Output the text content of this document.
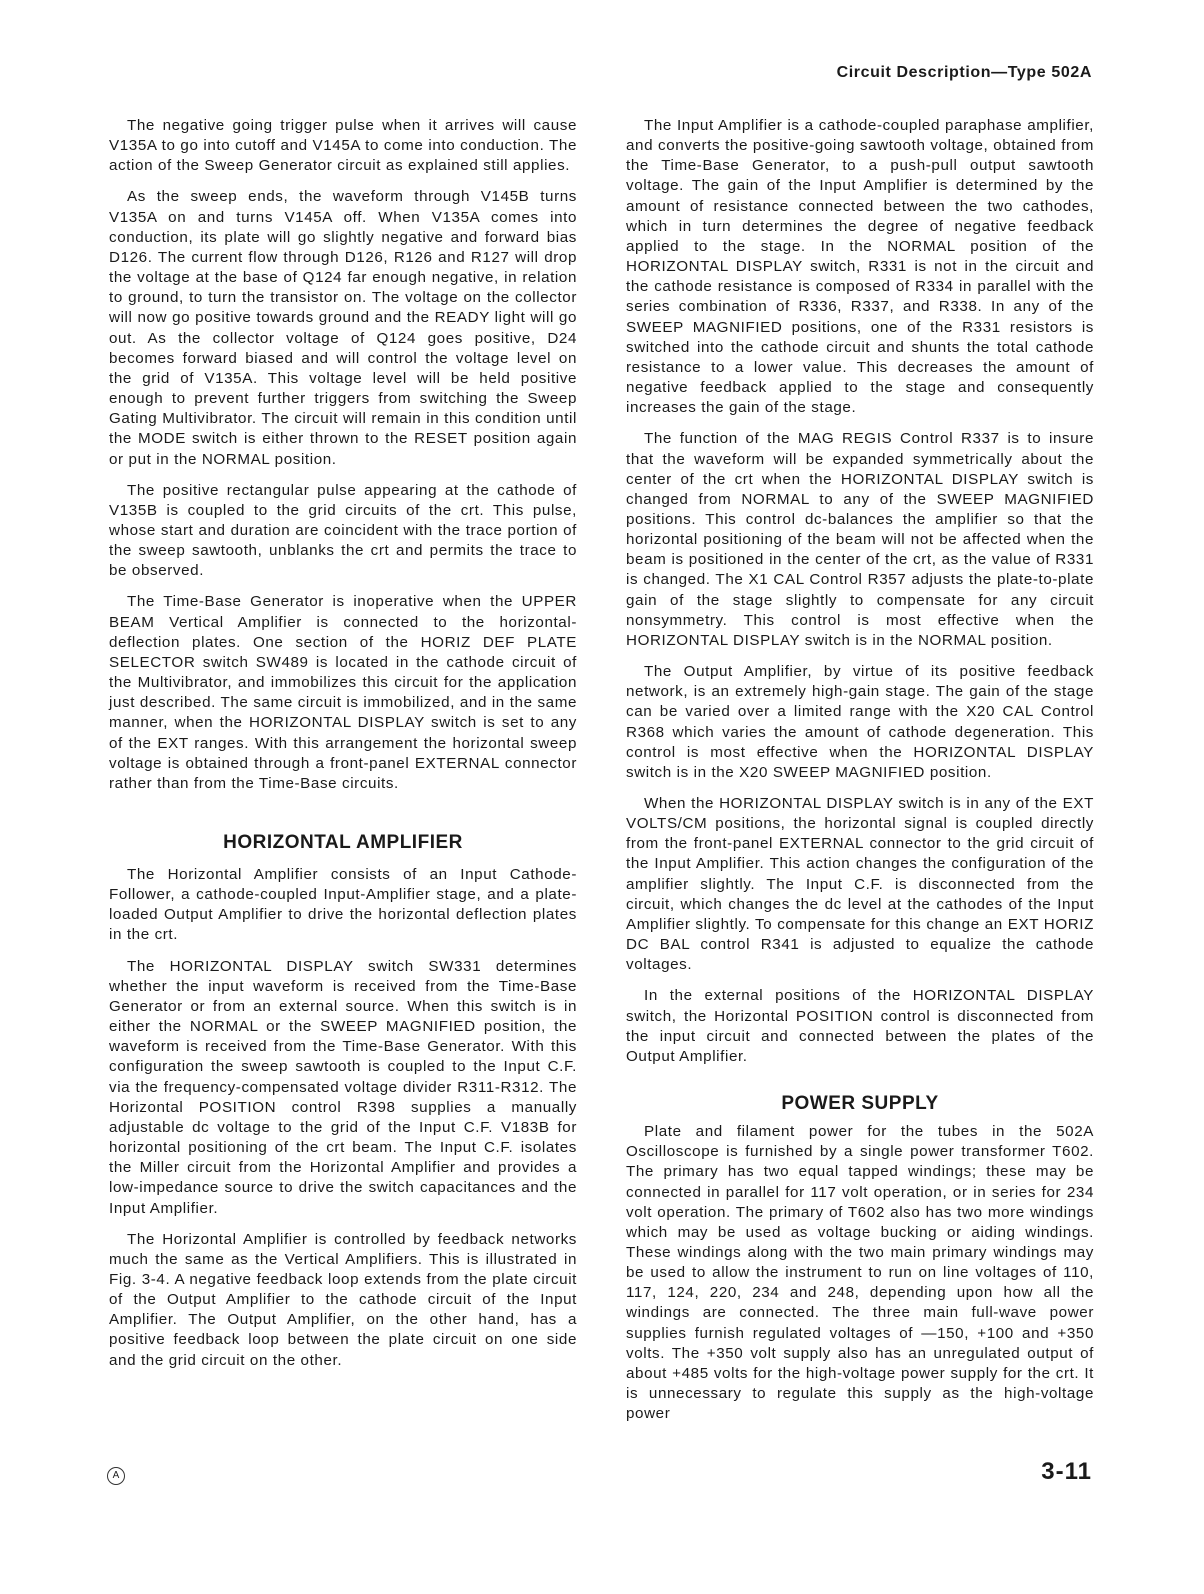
Circuit Description—Type 502A

The negative going trigger pulse when it arrives will cause V135A to go into cutoff and V145A to come into conduction. The action of the Sweep Generator circuit as explained still applies.

As the sweep ends, the waveform through V145B turns V135A on and turns V145A off. When V135A comes into conduction, its plate will go slightly negative and forward bias D126. The current flow through D126, R126 and R127 will drop the voltage at the base of Q124 far enough negative, in relation to ground, to turn the transistor on. The voltage on the collector will now go positive towards ground and the READY light will go out. As the collector voltage of Q124 goes positive, D24 becomes forward biased and will control the voltage level on the grid of V135A. This voltage level will be held positive enough to prevent further triggers from switching the Sweep Gating Multivibrator. The circuit will remain in this condition until the MODE switch is either thrown to the RESET position again or put in the NORMAL position.

The positive rectangular pulse appearing at the cathode of V135B is coupled to the grid circuits of the crt. This pulse, whose start and duration are coincident with the trace portion of the sweep sawtooth, unblanks the crt and permits the trace to be observed.

The Time-Base Generator is inoperative when the UPPER BEAM Vertical Amplifier is connected to the horizontal-deflection plates. One section of the HORIZ DEF PLATE SELECTOR switch SW489 is located in the cathode circuit of the Multivibrator, and immobilizes this circuit for the application just described. The same circuit is immobilized, and in the same manner, when the HORIZONTAL DISPLAY switch is set to any of the EXT ranges. With this arrangement the horizontal sweep voltage is obtained through a front-panel EXTERNAL connector rather than from the Time-Base circuits.

HORIZONTAL AMPLIFIER

The Horizontal Amplifier consists of an Input Cathode-Follower, a cathode-coupled Input-Amplifier stage, and a plate-loaded Output Amplifier to drive the horizontal deflection plates in the crt.

The HORIZONTAL DISPLAY switch SW331 determines whether the input waveform is received from the Time-Base Generator or from an external source. When this switch is in either the NORMAL or the SWEEP MAGNIFIED position, the waveform is received from the Time-Base Generator. With this configuration the sweep sawtooth is coupled to the Input C.F. via the frequency-compensated voltage divider R311-R312. The Horizontal POSITION control R398 supplies a manually adjustable dc voltage to the grid of the Input C.F. V183B for horizontal positioning of the crt beam. The Input C.F. isolates the Miller circuit from the Horizontal Amplifier and provides a low-impedance source to drive the switch capacitances and the Input Amplifier.

The Horizontal Amplifier is controlled by feedback networks much the same as the Vertical Amplifiers. This is illustrated in Fig. 3-4. A negative feedback loop extends from the plate circuit of the Output Amplifier to the cathode circuit of the Input Amplifier. The Output Amplifier, on the other hand, has a positive feedback loop between the plate circuit on one side and the grid circuit on the other.

The Input Amplifier is a cathode-coupled paraphase amplifier, and converts the positive-going sawtooth voltage, obtained from the Time-Base Generator, to a push-pull output sawtooth voltage. The gain of the Input Amplifier is determined by the amount of resistance connected between the two cathodes, which in turn determines the degree of negative feedback applied to the stage. In the NORMAL position of the HORIZONTAL DISPLAY switch, R331 is not in the circuit and the cathode resistance is composed of R334 in parallel with the series combination of R336, R337, and R338. In any of the SWEEP MAGNIFIED positions, one of the R331 resistors is switched into the cathode circuit and shunts the total cathode resistance to a lower value. This decreases the amount of negative feedback applied to the stage and consequently increases the gain of the stage.

The function of the MAG REGIS Control R337 is to insure that the waveform will be expanded symmetrically about the center of the crt when the HORIZONTAL DISPLAY switch is changed from NORMAL to any of the SWEEP MAGNIFIED positions. This control dc-balances the amplifier so that the horizontal positioning of the beam will not be affected when the beam is positioned in the center of the crt, as the value of R331 is changed. The X1 CAL Control R357 adjusts the plate-to-plate gain of the stage slightly to compensate for any circuit nonsymmetry. This control is most effective when the HORIZONTAL DISPLAY switch is in the NORMAL position.

The Output Amplifier, by virtue of its positive feedback network, is an extremely high-gain stage. The gain of the stage can be varied over a limited range with the X20 CAL Control R368 which varies the amount of cathode degeneration. This control is most effective when the HORIZONTAL DISPLAY switch is in the X20 SWEEP MAGNIFIED position.

When the HORIZONTAL DISPLAY switch is in any of the EXT VOLTS/CM positions, the horizontal signal is coupled directly from the front-panel EXTERNAL connector to the grid circuit of the Input Amplifier. This action changes the configuration of the amplifier slightly. The Input C.F. is disconnected from the circuit, which changes the dc level at the cathodes of the Input Amplifier slightly. To compensate for this change an EXT HORIZ DC BAL control R341 is adjusted to equalize the cathode voltages.

In the external positions of the HORIZONTAL DISPLAY switch, the Horizontal POSITION control is disconnected from the input circuit and connected between the plates of the Output Amplifier.

POWER SUPPLY

Plate and filament power for the tubes in the 502A Oscilloscope is furnished by a single power transformer T602. The primary has two equal tapped windings; these may be connected in parallel for 117 volt operation, or in series for 234 volt operation. The primary of T602 also has two more windings which may be used as voltage bucking or aiding windings. These windings along with the two main primary windings may be used to allow the instrument to run on line voltages of 110, 117, 124, 220, 234 and 248, depending upon how all the windings are connected. The three main full-wave power supplies furnish regulated voltages of —150, +100 and +350 volts. The +350 volt supply also has an unregulated output of about +485 volts for the high-voltage power supply for the crt. It is unnecessary to regulate this supply as the high-voltage power

A	3-11
